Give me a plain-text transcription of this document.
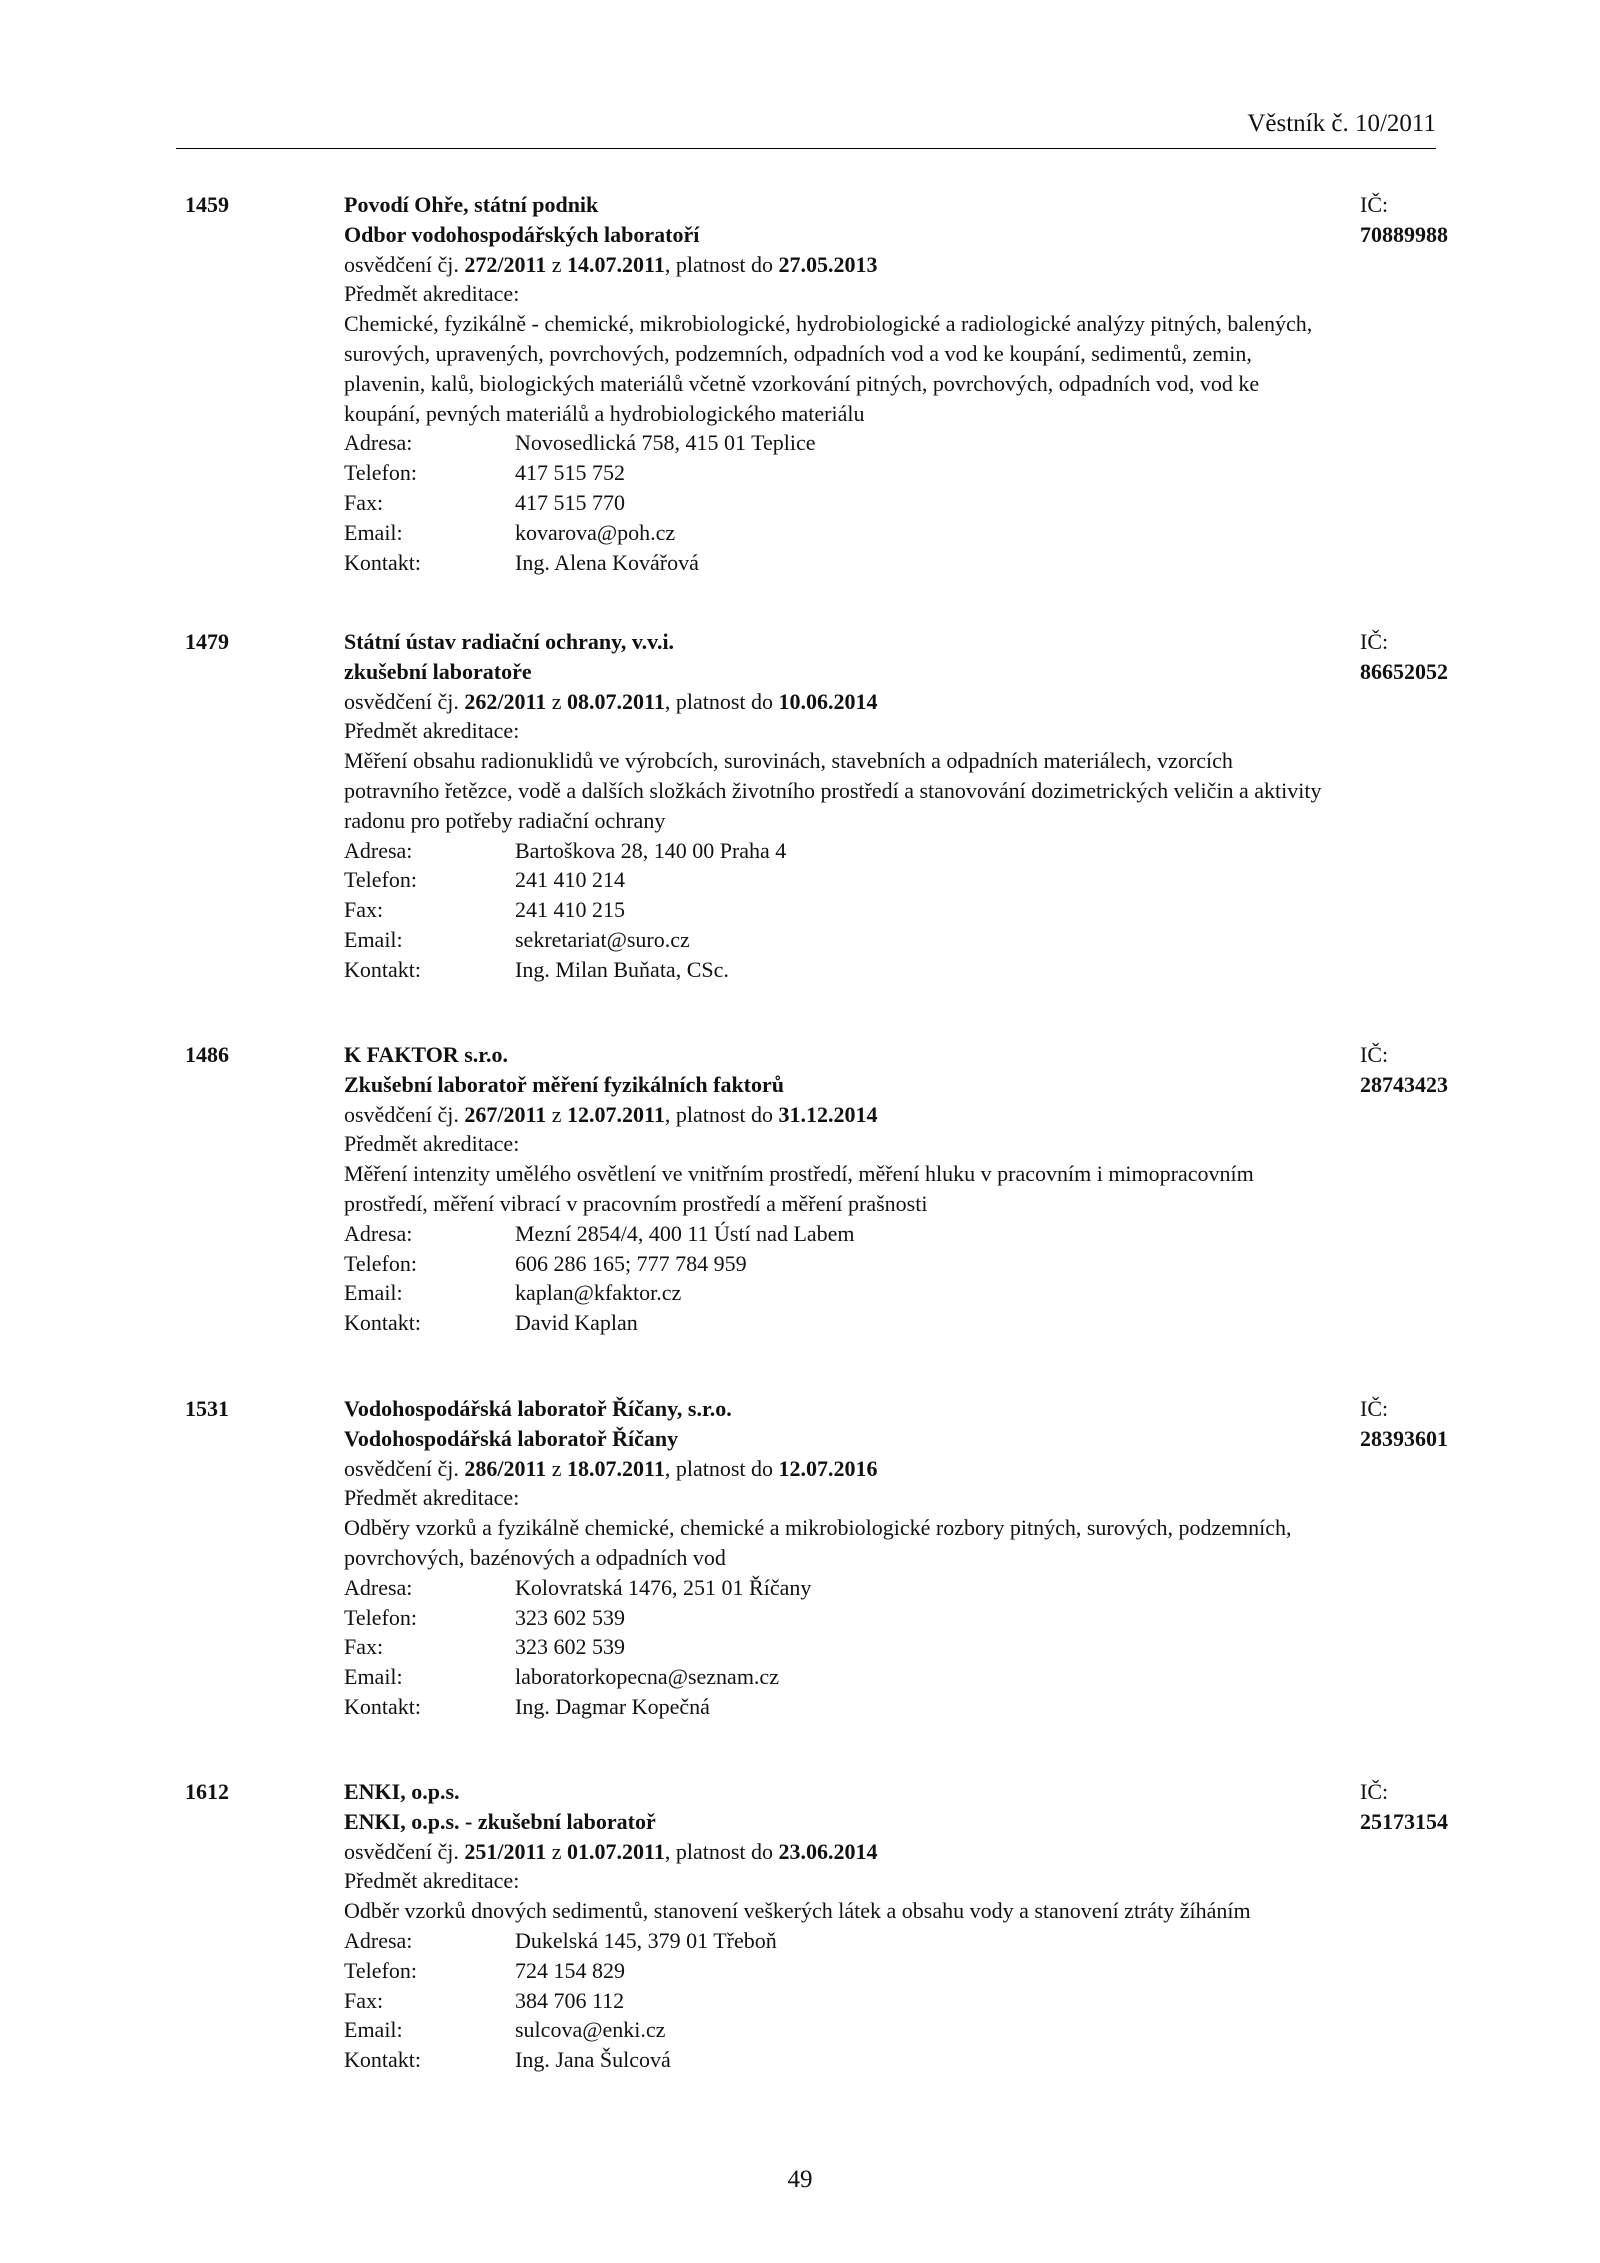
Věstník č. 10/2011
1459	Povodí Ohře, státní podnik
Odbor vodohospodářských laboratoří
osvědčení čj. 272/2011 z 14.07.2011, platnost do 27.05.2013
Předmět akreditace:
Chemické, fyzikálně - chemické, mikrobiologické, hydrobiologické a radiologické analýzy pitných, balených,
surových, upravených, povrchových, podzemních, odpadních vod a vod ke koupání, sedimentů, zemin,
plavenin, kalů, biologických materiálů včetně vzorkování pitných, povrchových, odpadních vod, vod ke
koupání, pevných materiálů a hydrobiologického materiálu
Adresa:	Novosedlická 758, 415 01 Teplice
Telefon:	417 515 752
Fax:	417 515 770
Email:	kovarova@poh.cz
Kontakt:	Ing. Alena Kovářová
IČ: 70889988
1479	Státní ústav radiační ochrany, v.v.i.
zkušební laboratoře
osvědčení čj. 262/2011 z 08.07.2011, platnost do 10.06.2014
Předmět akreditace:
Měření obsahu radionuklidů ve výrobcích, surovinách, stavebních a odpadních materiálech, vzorcích
potravního řetězce, vodě a dalších složkách životního prostředí a stanovování dozimetrických veličin a aktivity
radonu pro potřeby radiační ochrany
Adresa:	Bartoškova 28, 140 00 Praha 4
Telefon:	241 410 214
Fax:	241 410 215
Email:	sekretariat@suro.cz
Kontakt:	Ing. Milan Buňata, CSc.
IČ: 86652052
1486	K FAKTOR s.r.o.
Zkušební laboratoř měření fyzikálních faktorů
osvědčení čj. 267/2011 z 12.07.2011, platnost do 31.12.2014
Předmět akreditace:
Měření intenzity umělého osvětlení ve vnitřním prostředí, měření hluku v pracovním i mimopracovním
prostředí, měření vibrací v pracovním prostředí a měření prašnosti
Adresa:	Mezní 2854/4, 400 11 Ústí nad Labem
Telefon:	606 286 165; 777 784 959
Email:	kaplan@kfaktor.cz
Kontakt:	David Kaplan
IČ: 28743423
1531	Vodohospodářská laboratoř Říčany, s.r.o.
Vodohospodářská laboratoř Říčany
osvědčení čj. 286/2011 z 18.07.2011, platnost do 12.07.2016
Předmět akreditace:
Odběry vzorků a fyzikálně chemické, chemické a mikrobiologické rozbory pitných, surových, podzemních,
povrchových, bazénových a odpadních vod
Adresa:	Kolovratská 1476, 251 01 Říčany
Telefon:	323 602 539
Fax:	323 602 539
Email:	laboratorkopecna@seznam.cz
Kontakt:	Ing. Dagmar Kopečná
IČ: 28393601
1612	ENKI, o.p.s.
ENKI, o.p.s. - zkušební laboratoř
osvědčení čj. 251/2011 z 01.07.2011, platnost do 23.06.2014
Předmět akreditace:
Odběr vzorků dnových sedimentů, stanovení veškerých látek a obsahu vody a stanovení ztráty žíháním
Adresa:	Dukelská 145, 379 01 Třeboň
Telefon:	724 154 829
Fax:	384 706 112
Email:	sulcova@enki.cz
Kontakt:	Ing. Jana Šulcová
IČ: 25173154
49
